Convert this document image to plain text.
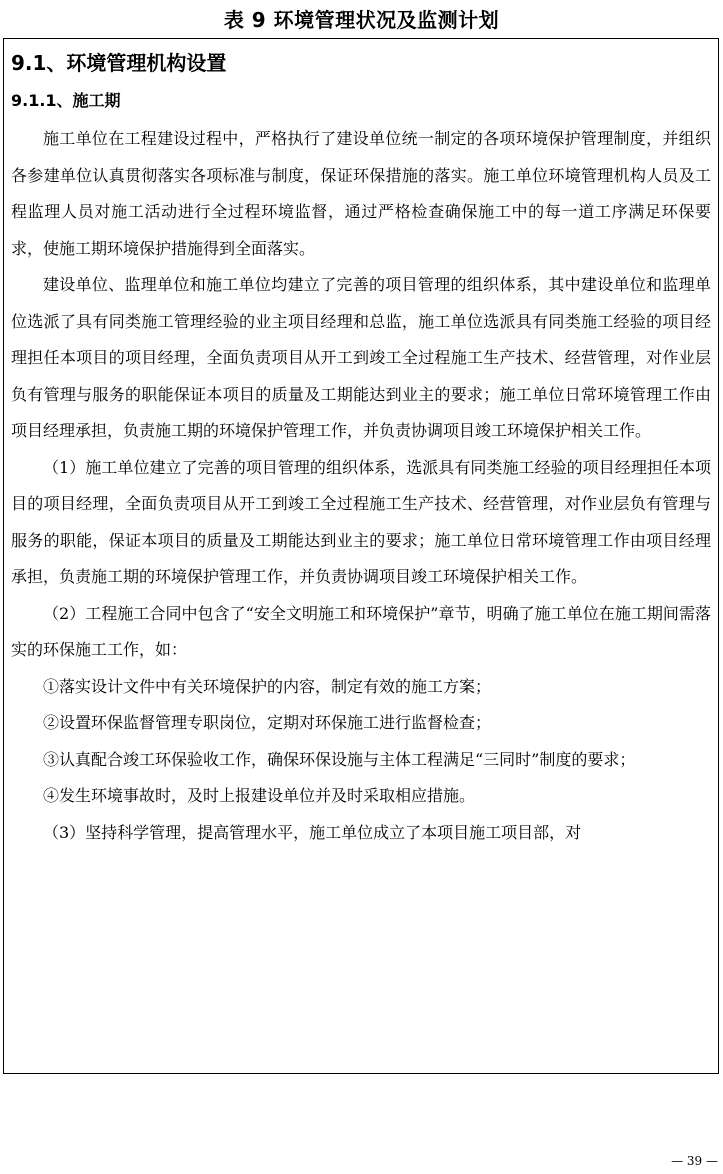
表 9 环境管理状况及监测计划
9.1、环境管理机构设置
9.1.1、施工期

施工单位在工程建设过程中，严格执行了建设单位统一制定的各项环境保护管理制度，并组织各参建单位认真贯彻落实各项标准与制度，保证环保措施的落实。施工单位环境管理机构人员及工程监理人员对施工活动进行全过程环境监督，通过严格检查确保施工中的每一道工序满足环保要求，使施工期环境保护措施得到全面落实。

建设单位、监理单位和施工单位均建立了完善的项目管理的组织体系，其中建设单位和监理单位选派了具有同类施工管理经验的业主项目经理和总监，施工单位选派具有同类施工经验的项目经理担任本项目的项目经理，全面负责项目从开工到竣工全过程施工生产技术、经营管理，对作业层负有管理与服务的职能保证本项目的质量及工期能达到业主的要求；施工单位日常环境管理工作由项目经理承担，负责施工期的环境保护管理工作，并负责协调项目竣工环境保护相关工作。

（1）施工单位建立了完善的项目管理的组织体系，选派具有同类施工经验的项目经理担任本项目的项目经理，全面负责项目从开工到竣工全过程施工生产技术、经营管理，对作业层负有管理与服务的职能，保证本项目的质量及工期能达到业主的要求；施工单位日常环境管理工作由项目经理承担，负责施工期的环境保护管理工作，并负责协调项目竣工环境保护相关工作。

（2）工程施工合同中包含了“安全文明施工和环境保护”章节，明确了施工单位在施工期间需落实的环保施工工作，如：

①落实设计文件中有关环境保护的内容，制定有效的施工方案；

②设置环保监督管理专职岗位，定期对环保施工进行监督检查；

③认真配合竣工环保验收工作，确保环保设施与主体工程满足“三同时”制度的要求；

④发生环境事故时，及时上报建设单位并及时采取相应措施。

（3）坚持科学管理，提高管理水平，施工单位成立了本项目施工项目部，对

— 39 —
